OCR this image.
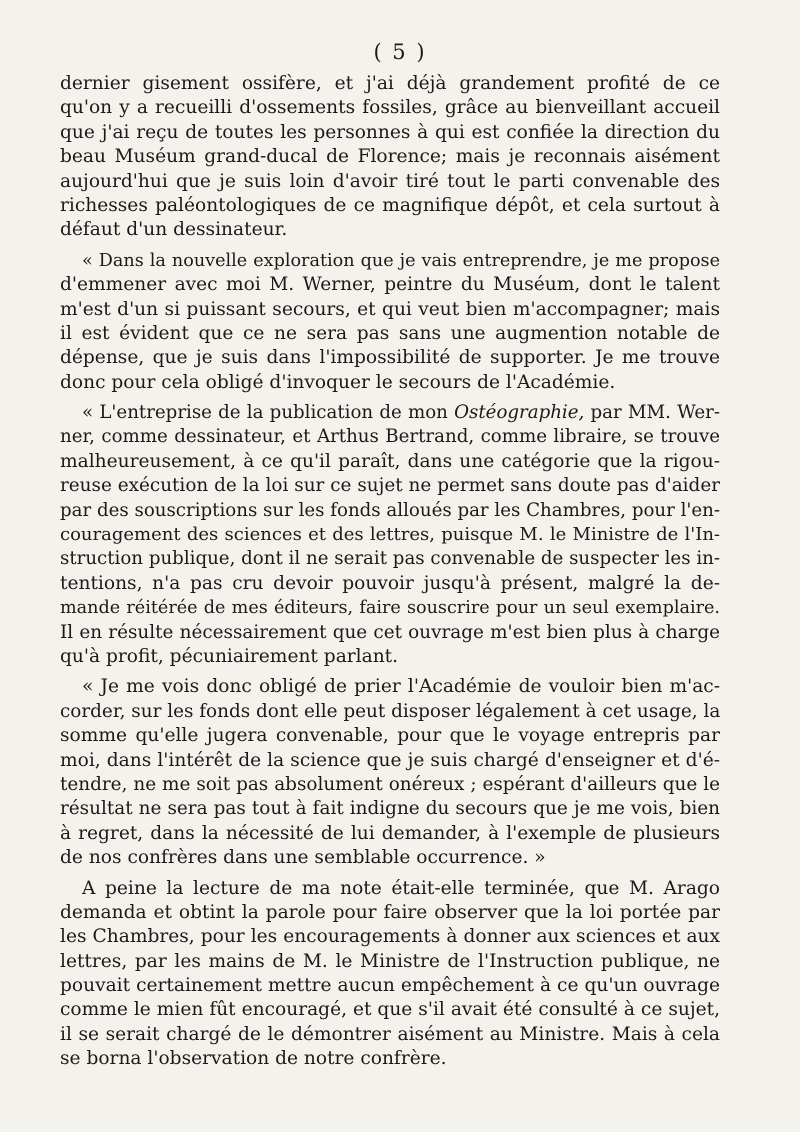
( 5 )
dernier gisement ossifère, et j'ai déjà grandement profité de ce
qu'on y a recueilli d'ossements fossiles, grâce au bienveillant accueil
que j'ai reçu de toutes les personnes à qui est confiée la direction du
beau Muséum grand-ducal de Florence; mais je reconnais aisément
aujourd'hui que je suis loin d'avoir tiré tout le parti convenable des
richesses paléontologiques de ce magnifique dépôt, et cela surtout à
défaut d'un dessinateur.
« Dans la nouvelle exploration que je vais entreprendre, je me propose
d'emmener avec moi M. Werner, peintre du Muséum, dont le talent
m'est d'un si puissant secours, et qui veut bien m'accompagner; mais
il est évident que ce ne sera pas sans une augmention notable de
dépense, que je suis dans l'impossibilité de supporter. Je me trouve
donc pour cela obligé d'invoquer le secours de l'Académie.
« L'entreprise de la publication de mon Ostéographie, par MM. Wer-
ner, comme dessinateur, et Arthus Bertrand, comme libraire, se trouve
malheureusement, à ce qu'il paraît, dans une catégorie que la rigou-
reuse exécution de la loi sur ce sujet ne permet sans doute pas d'aider
par des souscriptions sur les fonds alloués par les Chambres, pour l'en-
couragement des sciences et des lettres, puisque M. le Ministre de l'In-
struction publique, dont il ne serait pas convenable de suspecter les in-
tentions, n'a pas cru devoir pouvoir jusqu'à présent, malgré la de-
mande réitérée de mes éditeurs, faire souscrire pour un seul exemplaire.
Il en résulte nécessairement que cet ouvrage m'est bien plus à charge
qu'à profit, pécuniairement parlant.
« Je me vois donc obligé de prier l'Académie de vouloir bien m'ac-
corder, sur les fonds dont elle peut disposer légalement à cet usage, la
somme qu'elle jugera convenable, pour que le voyage entrepris par
moi, dans l'intérêt de la science que je suis chargé d'enseigner et d'é-
tendre, ne me soit pas absolument onéreux ; espérant d'ailleurs que le
résultat ne sera pas tout à fait indigne du secours que je me vois, bien
à regret, dans la nécessité de lui demander, à l'exemple de plusieurs
de nos confrères dans une semblable occurrence. »
A peine la lecture de ma note était-elle terminée, que M. Arago
demanda et obtint la parole pour faire observer que la loi portée par
les Chambres, pour les encouragements à donner aux sciences et aux
lettres, par les mains de M. le Ministre de l'Instruction publique, ne
pouvait certainement mettre aucun empêchement à ce qu'un ouvrage
comme le mien fût encouragé, et que s'il avait été consulté à ce sujet,
il se serait chargé de le démontrer aisément au Ministre. Mais à cela
se borna l'observation de notre confrère.
